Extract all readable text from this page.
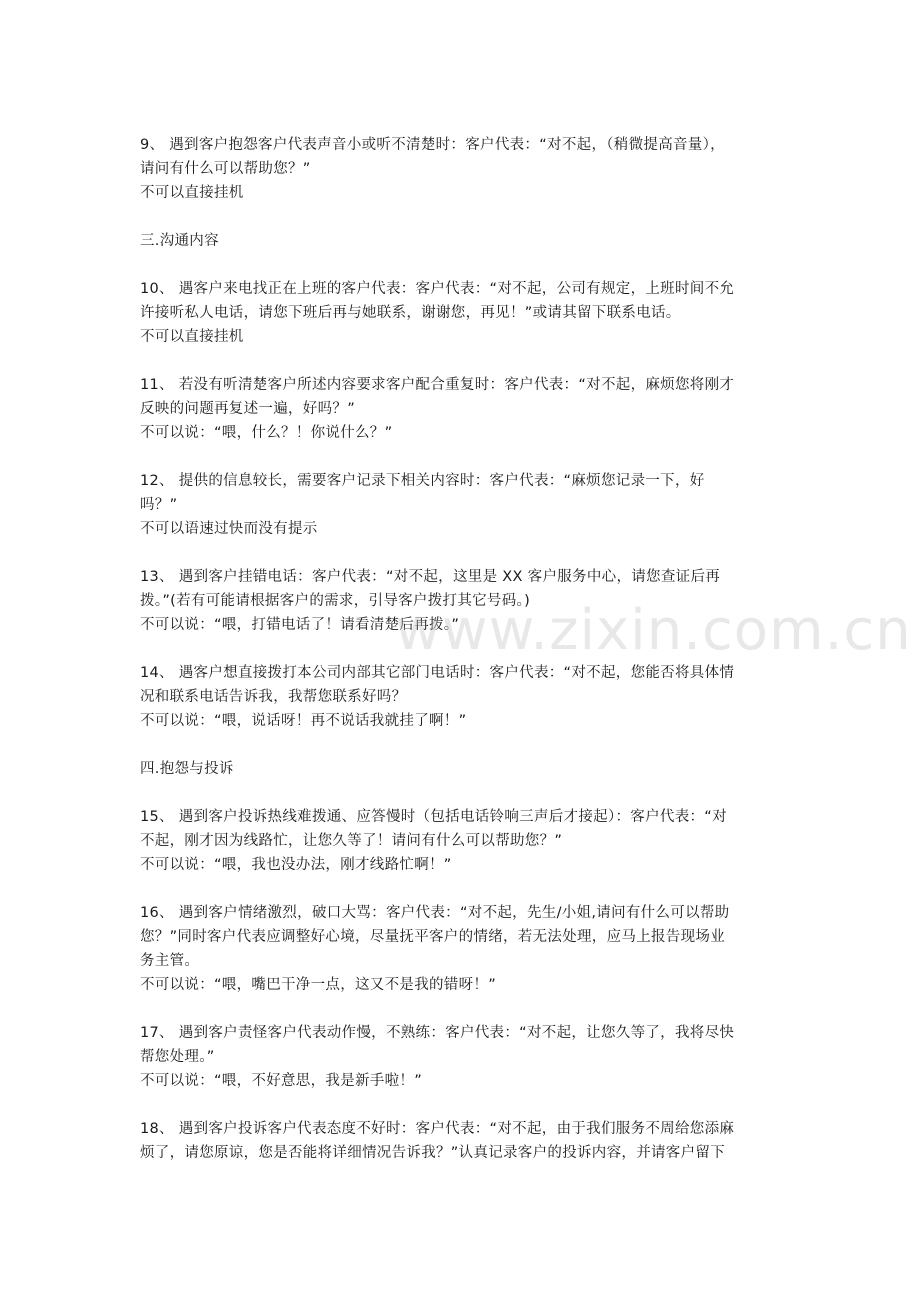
9、 遇到客户抱怨客户代表声音小或听不清楚时：客户代表：“对不起，（稍微提高音量），
请问有什么可以帮助您？”
不可以直接挂机
三.沟通内容
10、 遇客户来电找正在上班的客户代表：客户代表：“对不起，公司有规定，上班时间不允
许接听私人电话，请您下班后再与她联系，谢谢您，再见！”或请其留下联系电话。
不可以直接挂机
11、 若没有听清楚客户所述内容要求客户配合重复时：客户代表：“对不起，麻烦您将刚才
反映的问题再复述一遍，好吗？”
不可以说：“喂，什么？！你说什么？”
12、 提供的信息较长，需要客户记录下相关内容时：客户代表：“麻烦您记录一下，好
吗？”
不可以语速过快而没有提示
13、 遇到客户挂错电话：客户代表：“对不起，这里是 XX 客户服务中心，请您查证后再
拨。”(若有可能请根据客户的需求，引导客户拨打其它号码。)
不可以说：“喂，打错电话了！请看清楚后再拨。”
14、 遇客户想直接拨打本公司内部其它部门电话时：客户代表：“对不起，您能否将具体情
况和联系电话告诉我，我帮您联系好吗？
不可以说：“喂，说话呀！再不说话我就挂了啊！”
四.抱怨与投诉
15、 遇到客户投诉热线难拨通、应答慢时（包括电话铃响三声后才接起）：客户代表：“对
不起，刚才因为线路忙，让您久等了！请问有什么可以帮助您？”
不可以说：“喂，我也没办法，刚才线路忙啊！”
16、 遇到客户情绪激烈，破口大骂：客户代表：“对不起，先生/小姐,请问有什么可以帮助
您？”同时客户代表应调整好心境，尽量抚平客户的情绪，若无法处理，应马上报告现场业
务主管。
不可以说：“喂，嘴巴干净一点，这又不是我的错呀！”
17、 遇到客户责怪客户代表动作慢，不熟练：客户代表：“对不起，让您久等了，我将尽快
帮您处理。”
不可以说：“喂，不好意思，我是新手啦！”
18、 遇到客户投诉客户代表态度不好时：客户代表：“对不起，由于我们服务不周给您添麻
烦了，请您原谅，您是否能将详细情况告诉我？”认真记录客户的投诉内容，并请客户留下
www.zixin.com.cn
